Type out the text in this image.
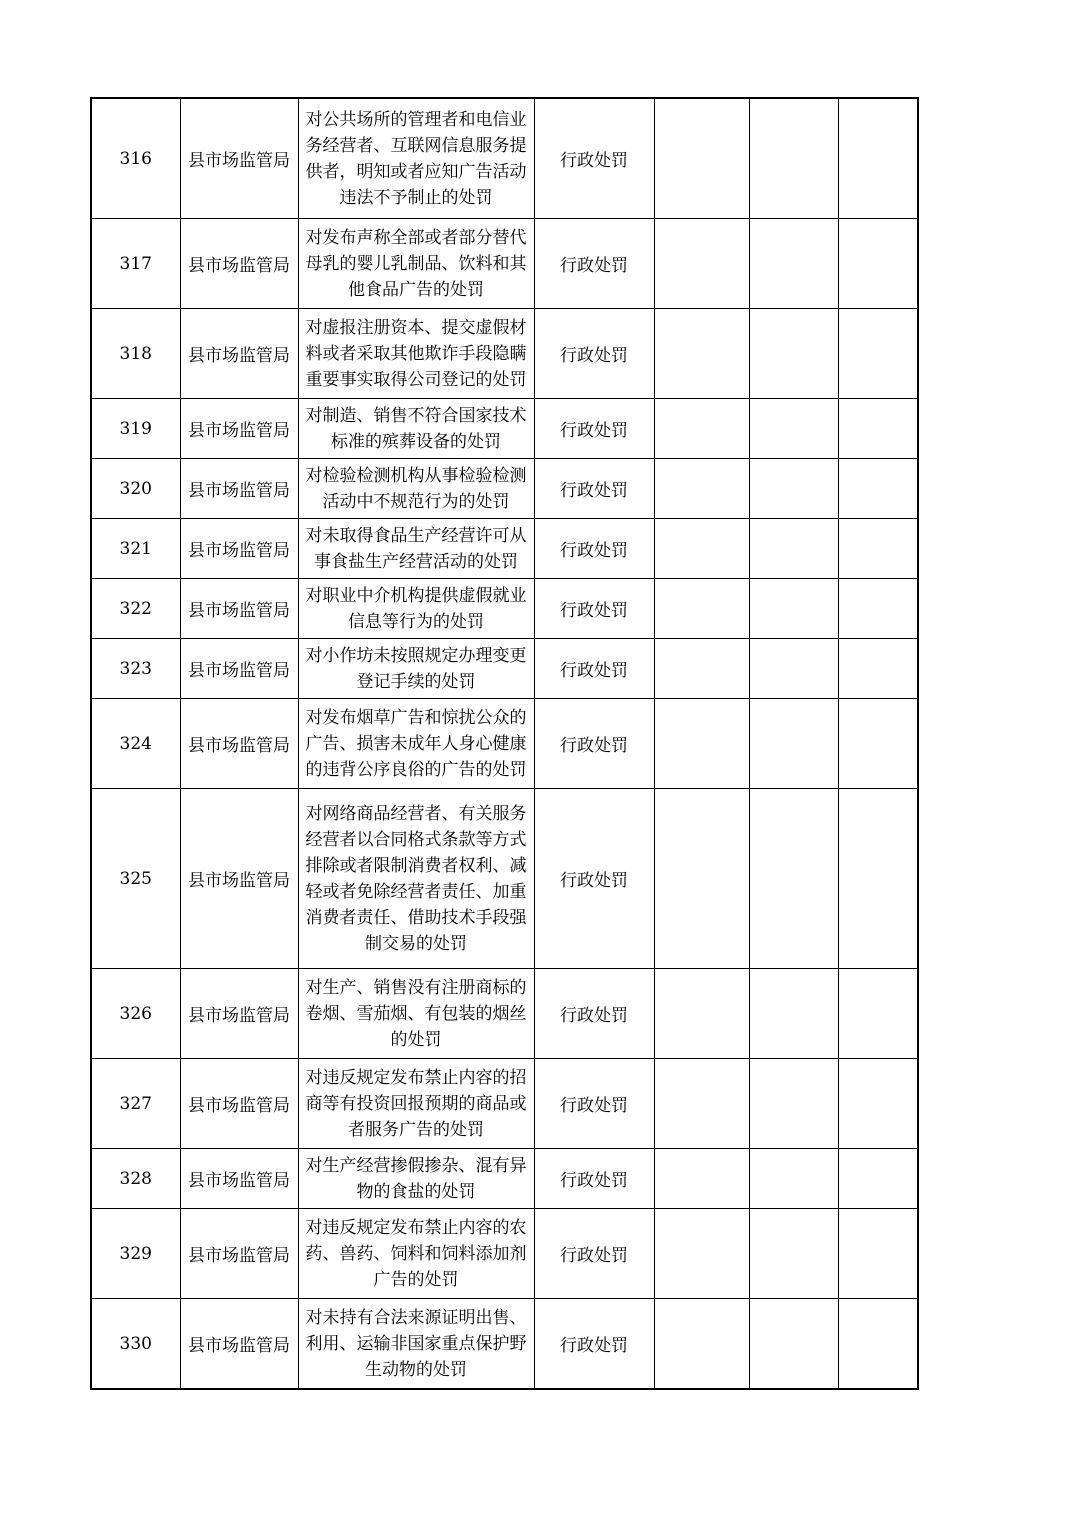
316	县市场监管局	对公共场所的管理者和电信业务经营者、互联网信息服务提供者，明知或者应知广告活动违法不予制止的处罚	行政处罚			

317	县市场监管局	对发布声称全部或者部分替代母乳的婴儿乳制品、饮料和其他食品广告的处罚	行政处罚			

318	县市场监管局	对虚报注册资本、提交虚假材料或者采取其他欺诈手段隐瞒重要事实取得公司登记的处罚	行政处罚			

319	县市场监管局	对制造、销售不符合国家技术标准的殡葬设备的处罚	行政处罚			

320	县市场监管局	对检验检测机构从事检验检测活动中不规范行为的处罚	行政处罚			

321	县市场监管局	对未取得食品生产经营许可从事食盐生产经营活动的处罚	行政处罚			

322	县市场监管局	对职业中介机构提供虚假就业信息等行为的处罚	行政处罚			

323	县市场监管局	对小作坊未按照规定办理变更登记手续的处罚	行政处罚			

324	县市场监管局	对发布烟草广告和惊扰公众的广告、损害未成年人身心健康的违背公序良俗的广告的处罚	行政处罚			

325	县市场监管局	对网络商品经营者、有关服务经营者以合同格式条款等方式排除或者限制消费者权利、减轻或者免除经营者责任、加重消费者责任、借助技术手段强制交易的处罚	行政处罚			

326	县市场监管局	对生产、销售没有注册商标的卷烟、雪茄烟、有包装的烟丝的处罚	行政处罚			

327	县市场监管局	对违反规定发布禁止内容的招商等有投资回报预期的商品或者服务广告的处罚	行政处罚			

328	县市场监管局	对生产经营掺假掺杂、混有异物的食盐的处罚	行政处罚			

329	县市场监管局	对违反规定发布禁止内容的农药、兽药、饲料和饲料添加剂广告的处罚	行政处罚			

330	县市场监管局	对未持有合法来源证明出售、利用、运输非国家重点保护野生动物的处罚	行政处罚			
